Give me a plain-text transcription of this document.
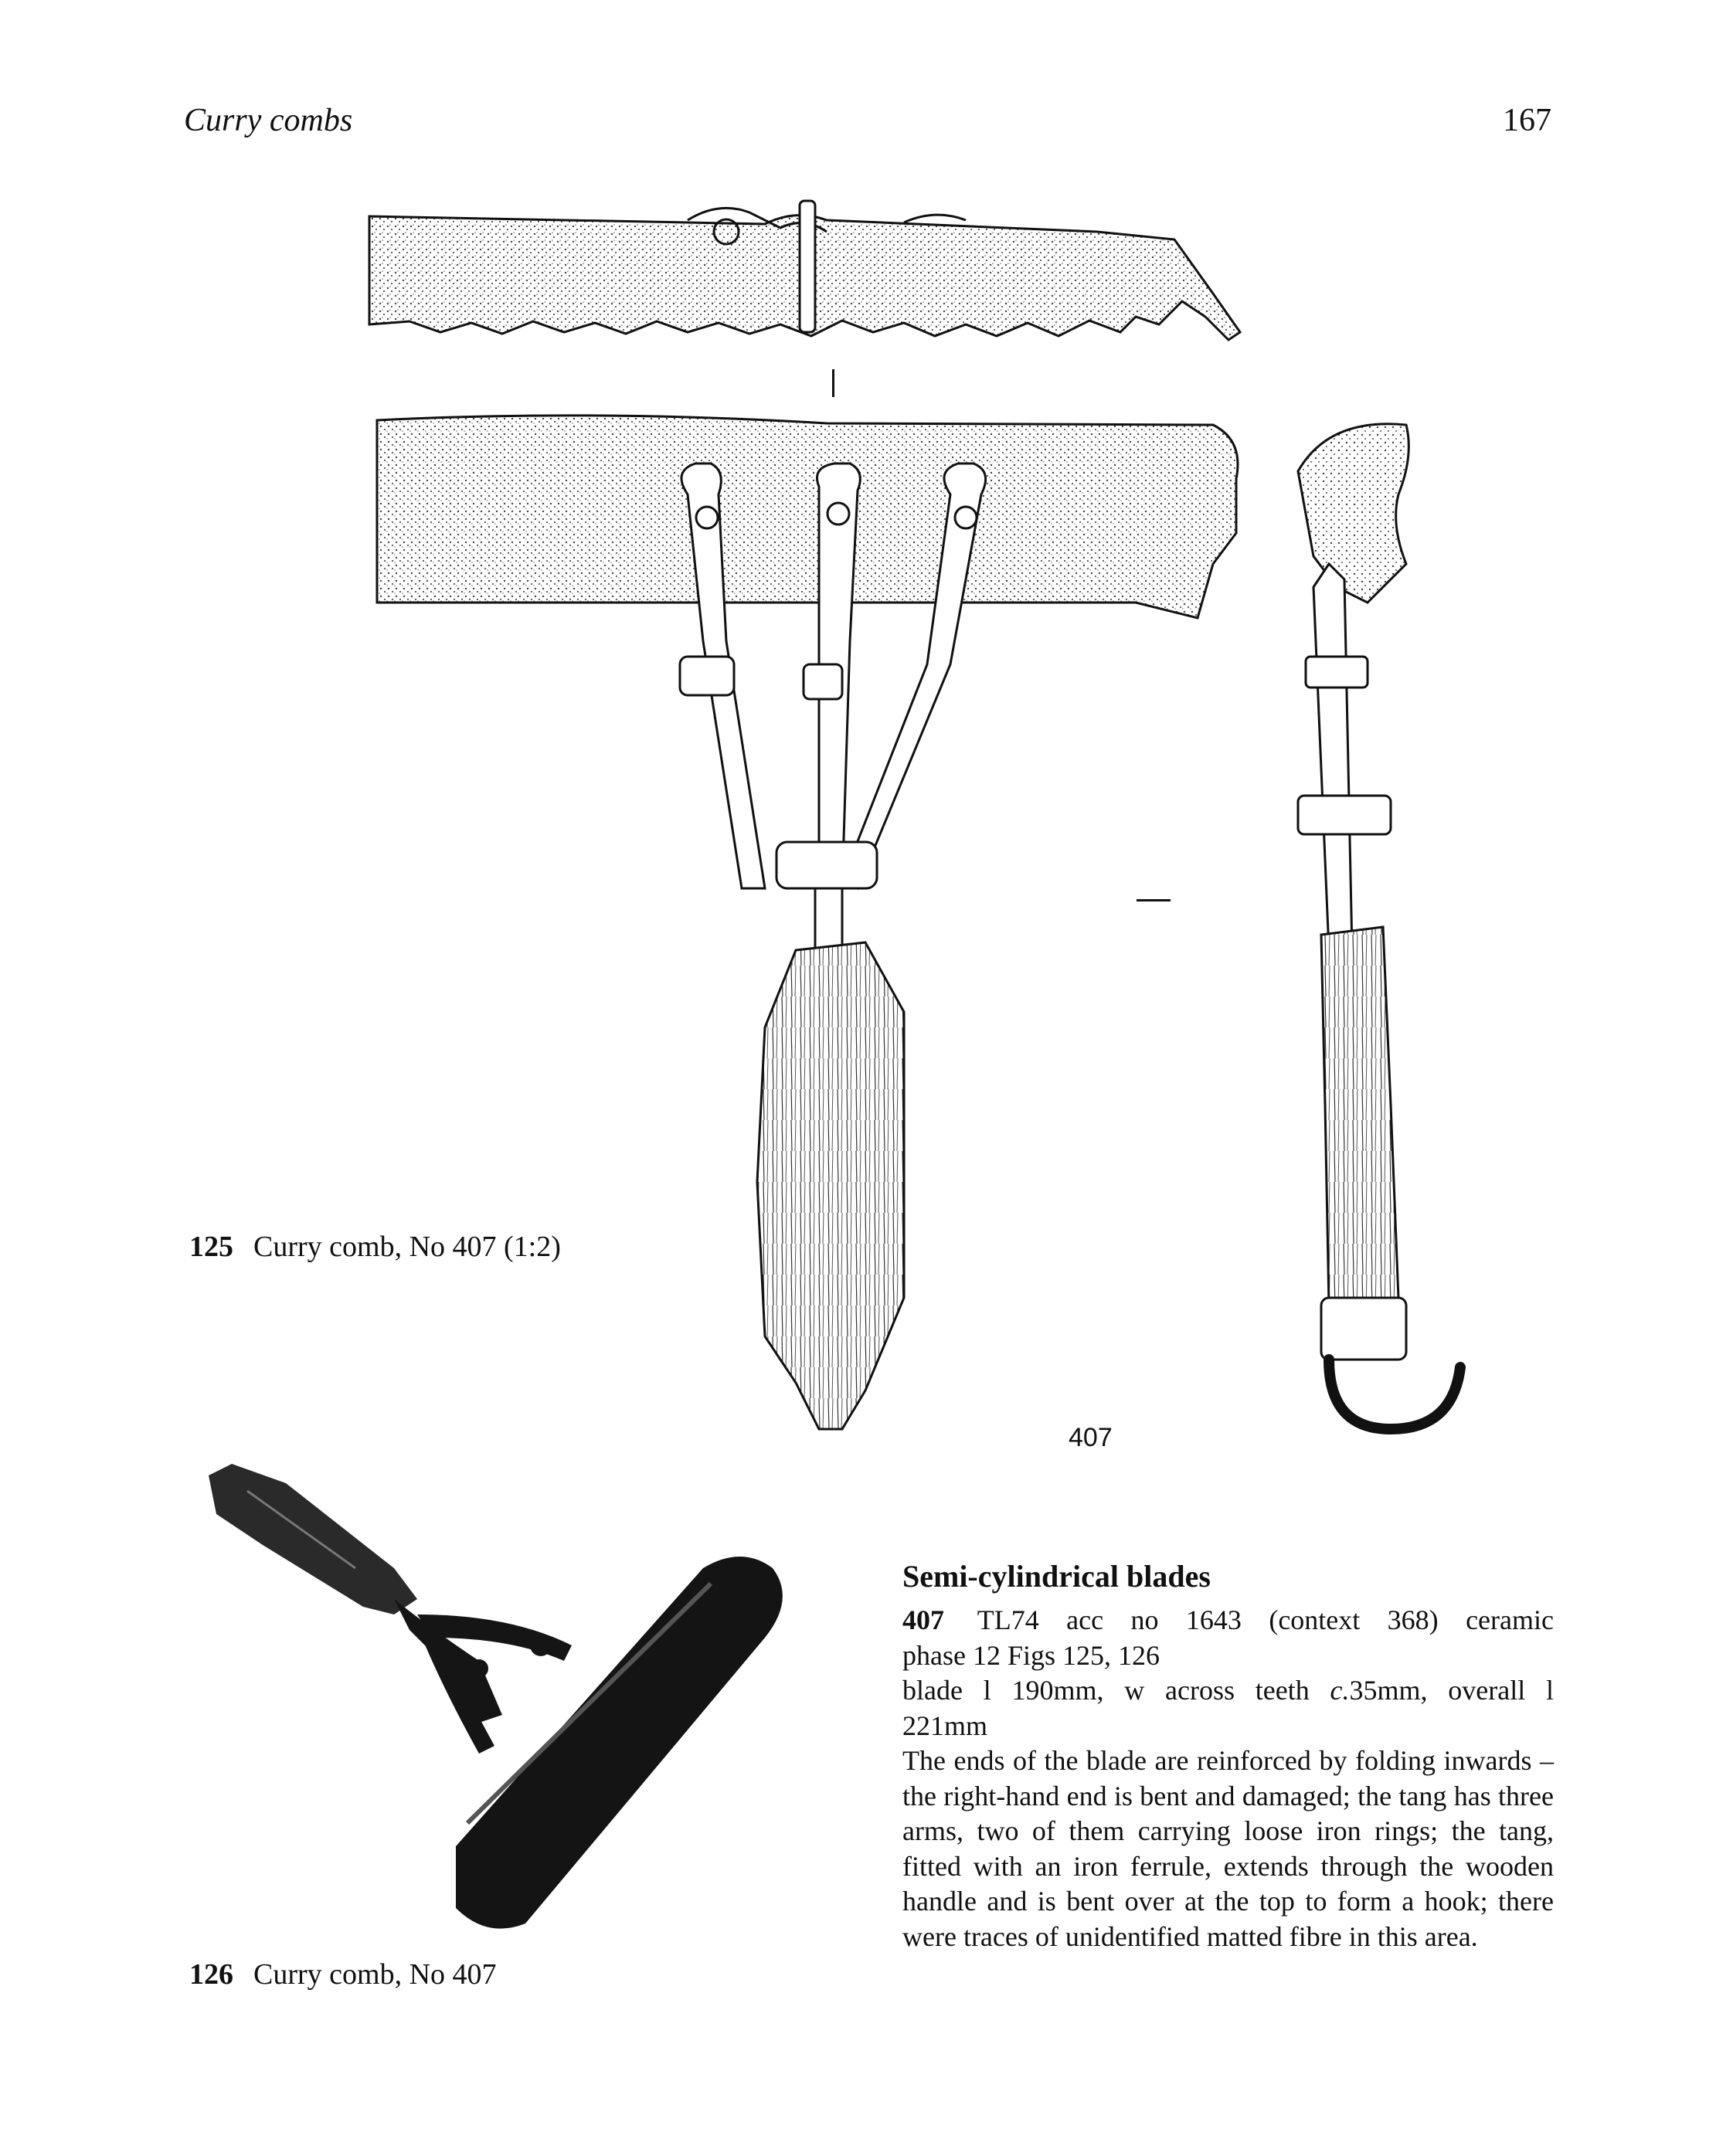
Curry combs	167
407
125 Curry comb, No 407 (1:2)
126 Curry comb, No 407
Semi-cylindrical blades
407 TL74 acc no 1643 (context 368) ceramic
phase 12 Figs 125, 126
blade l 190mm, w across teeth c.35mm, overall l
221mm
The ends of the blade are reinforced by folding inwards – the right-hand end is bent and damaged; the tang has three arms, two of them carrying loose iron rings; the tang, fitted with an iron ferrule, extends through the wooden handle and is bent over at the top to form a hook; there were traces of unidentified matted fibre in this area.
